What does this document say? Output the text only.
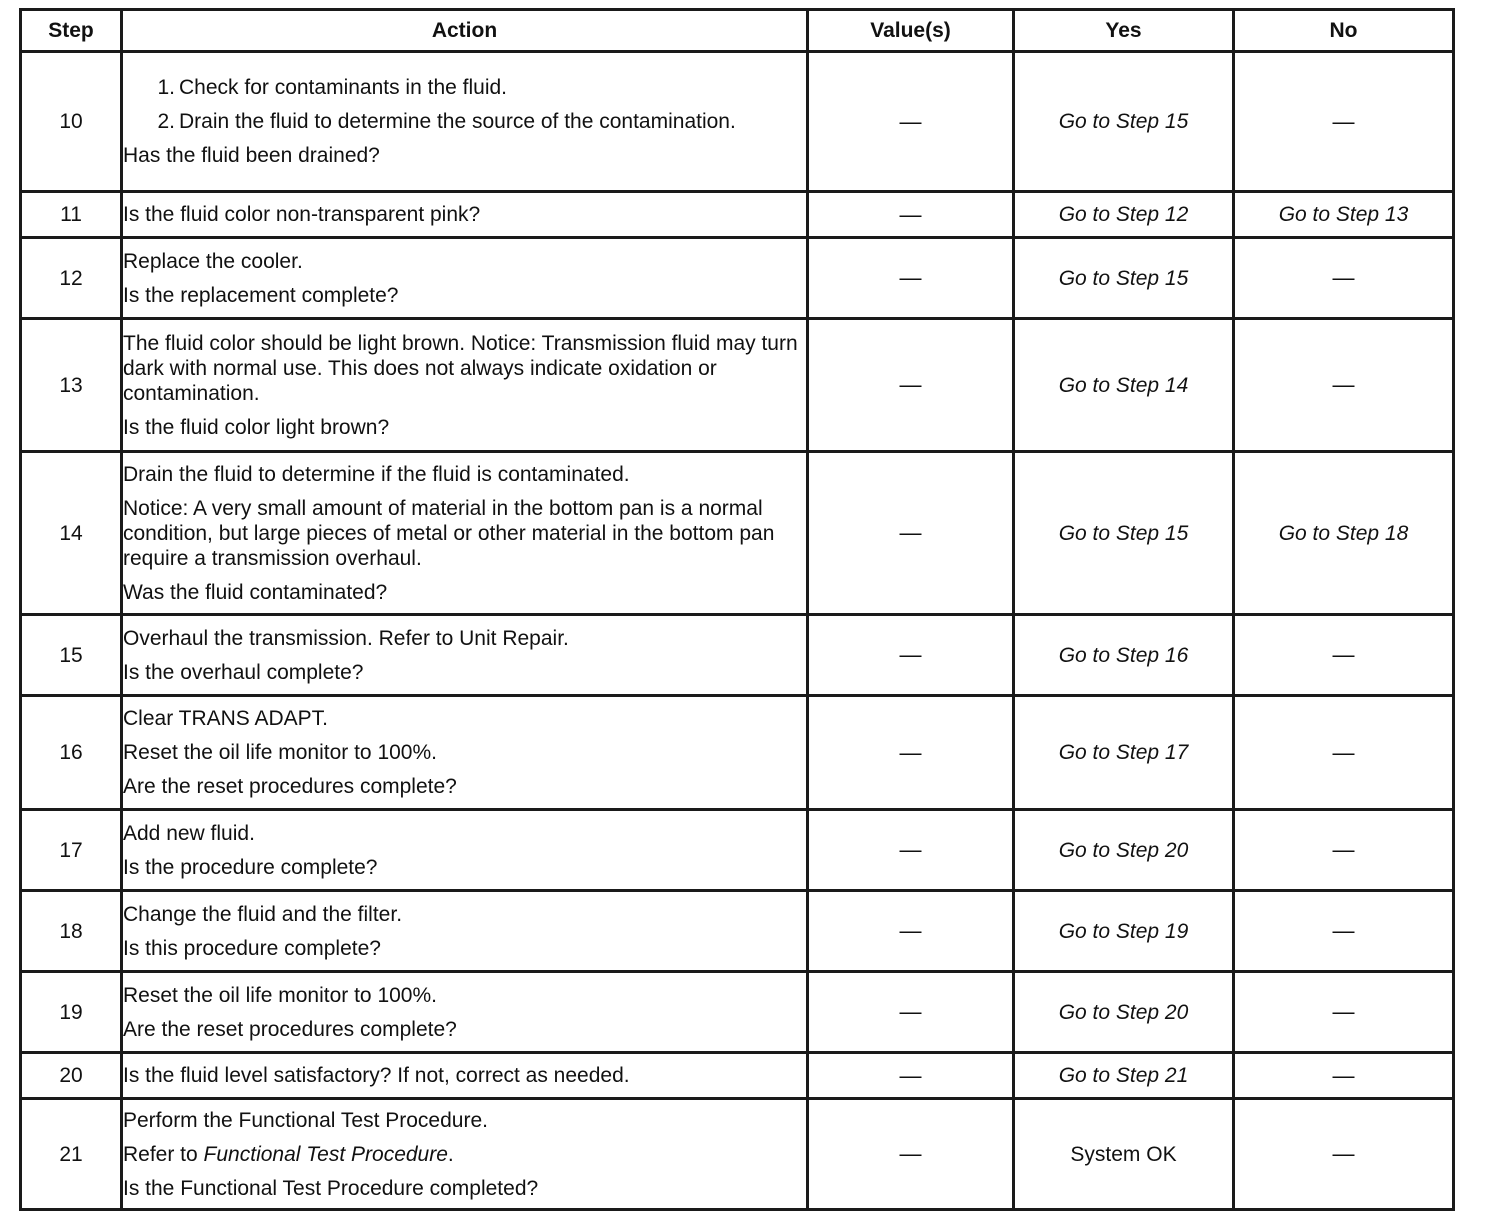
Step	Action	Value(s)	Yes	No
10	1. Check for contaminants in the fluid.
2. Drain the fluid to determine the source of the contamination.
Has the fluid been drained?	—	Go to Step 15	—
11	Is the fluid color non-transparent pink?	—	Go to Step 12	Go to Step 13
12	Replace the cooler.
Is the replacement complete?	—	Go to Step 15	—
13	The fluid color should be light brown. Notice: Transmission fluid may turn dark with normal use. This does not always indicate oxidation or contamination.
Is the fluid color light brown?	—	Go to Step 14	—
14	Drain the fluid to determine if the fluid is contaminated.
Notice: A very small amount of material in the bottom pan is a normal condition, but large pieces of metal or other material in the bottom pan require a transmission overhaul.
Was the fluid contaminated?	—	Go to Step 15	Go to Step 18
15	Overhaul the transmission. Refer to Unit Repair.
Is the overhaul complete?	—	Go to Step 16	—
16	Clear TRANS ADAPT.
Reset the oil life monitor to 100%.
Are the reset procedures complete?	—	Go to Step 17	—
17	Add new fluid.
Is the procedure complete?	—	Go to Step 20	—
18	Change the fluid and the filter.
Is this procedure complete?	—	Go to Step 19	—
19	Reset the oil life monitor to 100%.
Are the reset procedures complete?	—	Go to Step 20	—
20	Is the fluid level satisfactory? If not, correct as needed.	—	Go to Step 21	—
21	Perform the Functional Test Procedure.
Refer to Functional Test Procedure.
Is the Functional Test Procedure completed?	—	System OK	—
